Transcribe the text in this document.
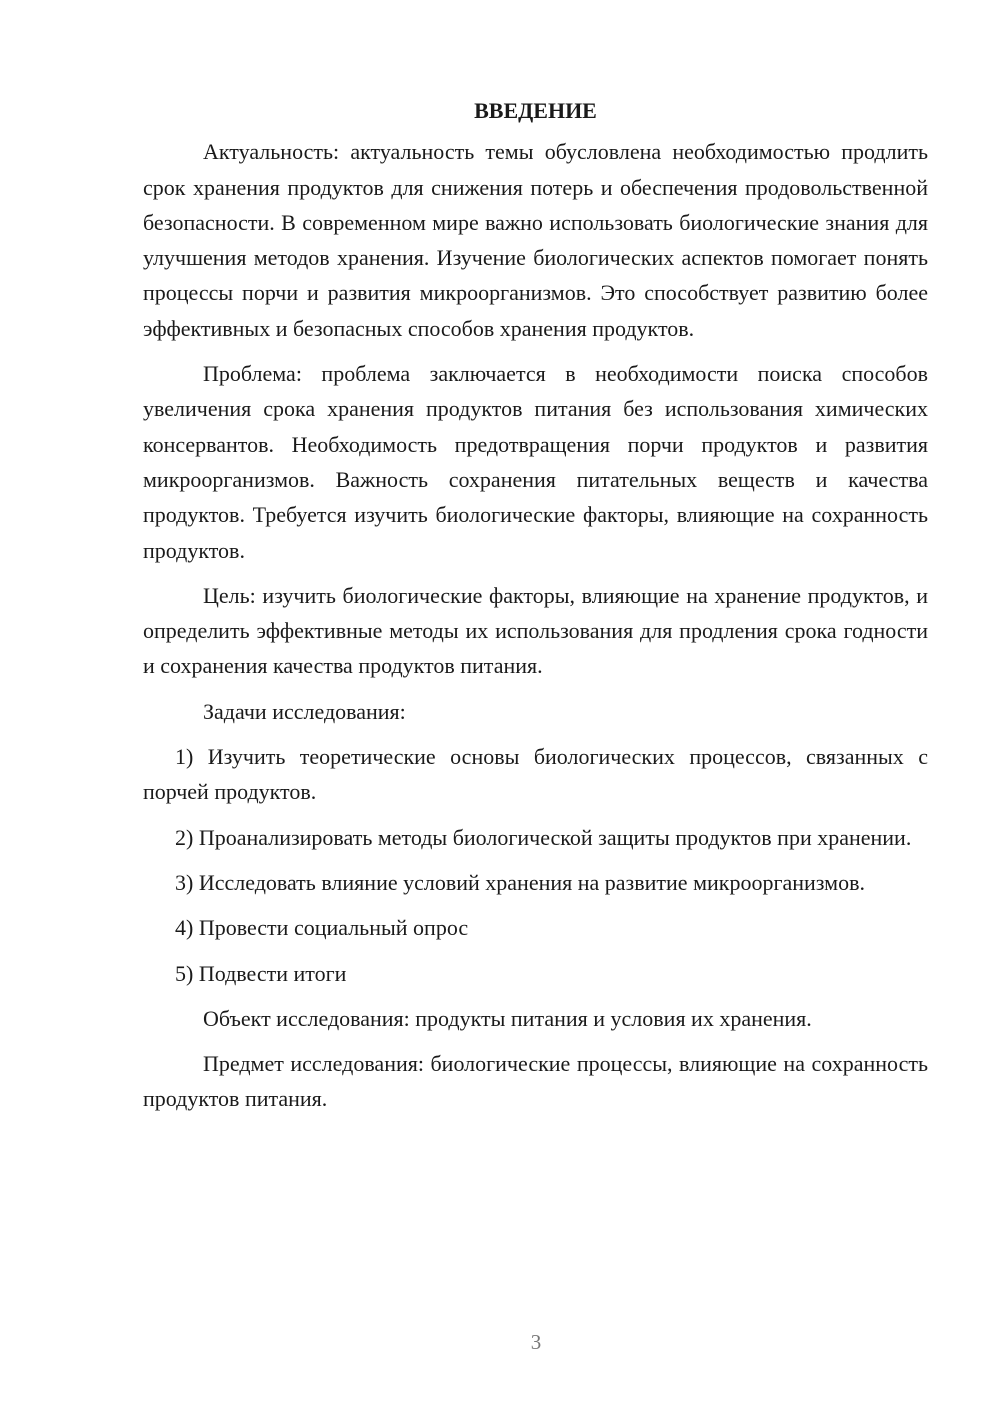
ВВЕДЕНИЕ

Актуальность: актуальность темы обусловлена необходимостью продлить срок хранения продуктов для снижения потерь и обеспечения продовольственной безопасности. В современном мире важно использовать биологические знания для улучшения методов хранения. Изучение биологических аспектов помогает понять процессы порчи и развития микроорганизмов. Это способствует развитию более эффективных и безопасных способов хранения продуктов.

Проблема: проблема заключается в необходимости поиска способов увеличения срока хранения продуктов питания без использования химических консервантов. Необходимость предотвращения порчи продуктов и развития микроорганизмов. Важность сохранения питательных веществ и качества продуктов. Требуется изучить биологические факторы, влияющие на сохранность продуктов.

Цель: изучить биологические факторы, влияющие на хранение продуктов, и определить эффективные методы их использования для продления срока годности и сохранения качества продуктов питания.

Задачи исследования:

1) Изучить теоретические основы биологических процессов, связанных с порчей продуктов.

2) Проанализировать методы биологической защиты продуктов при хранении.

3) Исследовать влияние условий хранения на развитие микроорганизмов.

4) Провести социальный опрос

5) Подвести итоги

Объект исследования: продукты питания и условия их хранения.

Предмет исследования: биологические процессы, влияющие на сохранность продуктов питания.

3
